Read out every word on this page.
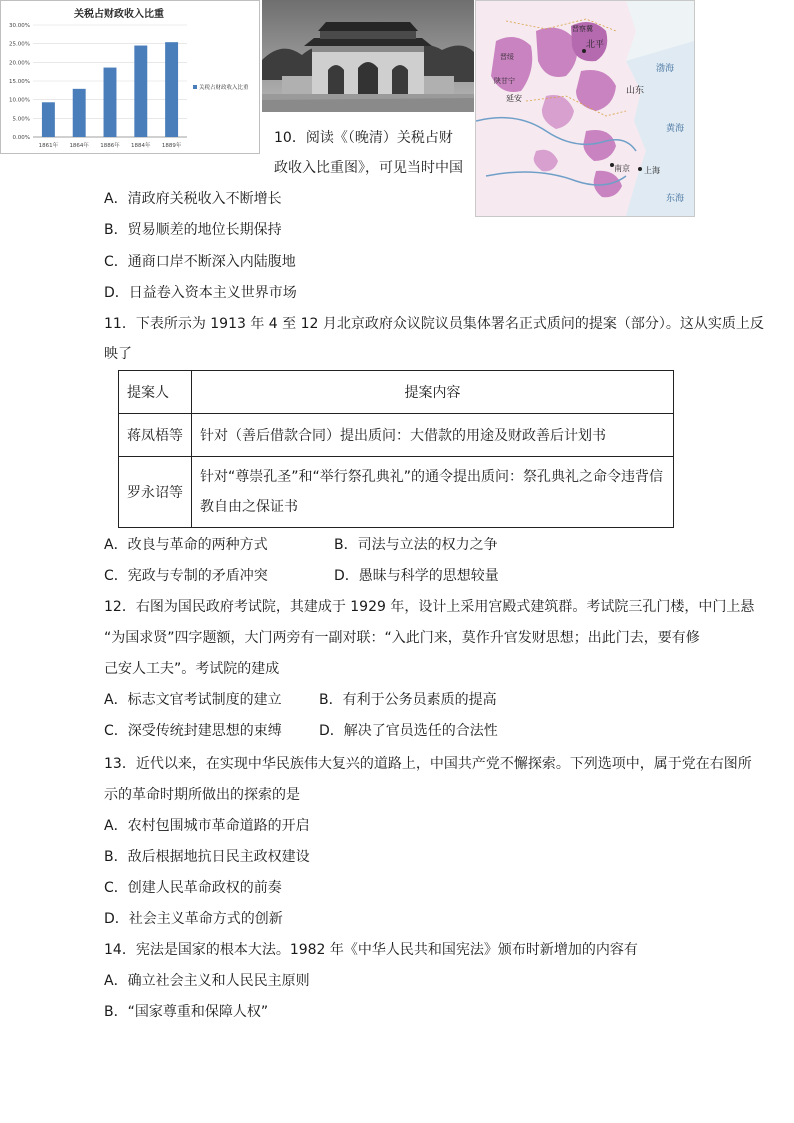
关税占财政收入比重
0.00%
5.00%
10.00%
15.00%
20.00%
25.00%
30.00%
1861年 1864年 1886年 1884年 1889年
关税占财政收入比重
北平
延安
山东
南京 上海
渤海
黄海
东海
晋察冀
陕甘宁
晋绥
10．阅读《（晚清）关税占财
政收入比重图》，可见当时中国
A．清政府关税收入不断增长
B．贸易顺差的地位长期保持
C．通商口岸不断深入内陆腹地
D．日益卷入资本主义世界市场
11．下表所示为 1913 年 4 至 12 月北京政府众议院议员集体署名正式质问的提案（部分）。这从实质上反
映了
提案人	提案内容
蒋凤梧等	针对（善后借款合同）提出质问：大借款的用途及财政善后计划书
罗永诏等	针对“尊崇孔圣”和“举行祭孔典礼”的通令提出质问：祭孔典礼之命令违背信教自由之保证书
A．改良与革命的两种方式	B．司法与立法的权力之争
C．宪政与专制的矛盾冲突	D．愚昧与科学的思想较量
12．右图为国民政府考试院，其建成于 1929 年，设计上采用宫殿式建筑群。考试院三孔门楼，中门上悬
“为国求贤”四字题额，大门两旁有一副对联：“入此门来，莫作升官发财思想；出此门去，要有修
己安人工夫”。考试院的建成
A．标志文官考试制度的建立	B．有利于公务员素质的提高
C．深受传统封建思想的束缚	D．解决了官员选任的合法性
13．近代以来，在实现中华民族伟大复兴的道路上，中国共产党不懈探索。下列选项中，属于党在右图所
示的革命时期所做出的探索的是
A．农村包围城市革命道路的开启
B．敌后根据地抗日民主政权建设
C．创建人民革命政权的前奏
D．社会主义革命方式的创新
14．宪法是国家的根本大法。1982 年《中华人民共和国宪法》颁布时新增加的内容有
A．确立社会主义和人民民主原则
B．“国家尊重和保障人权”
